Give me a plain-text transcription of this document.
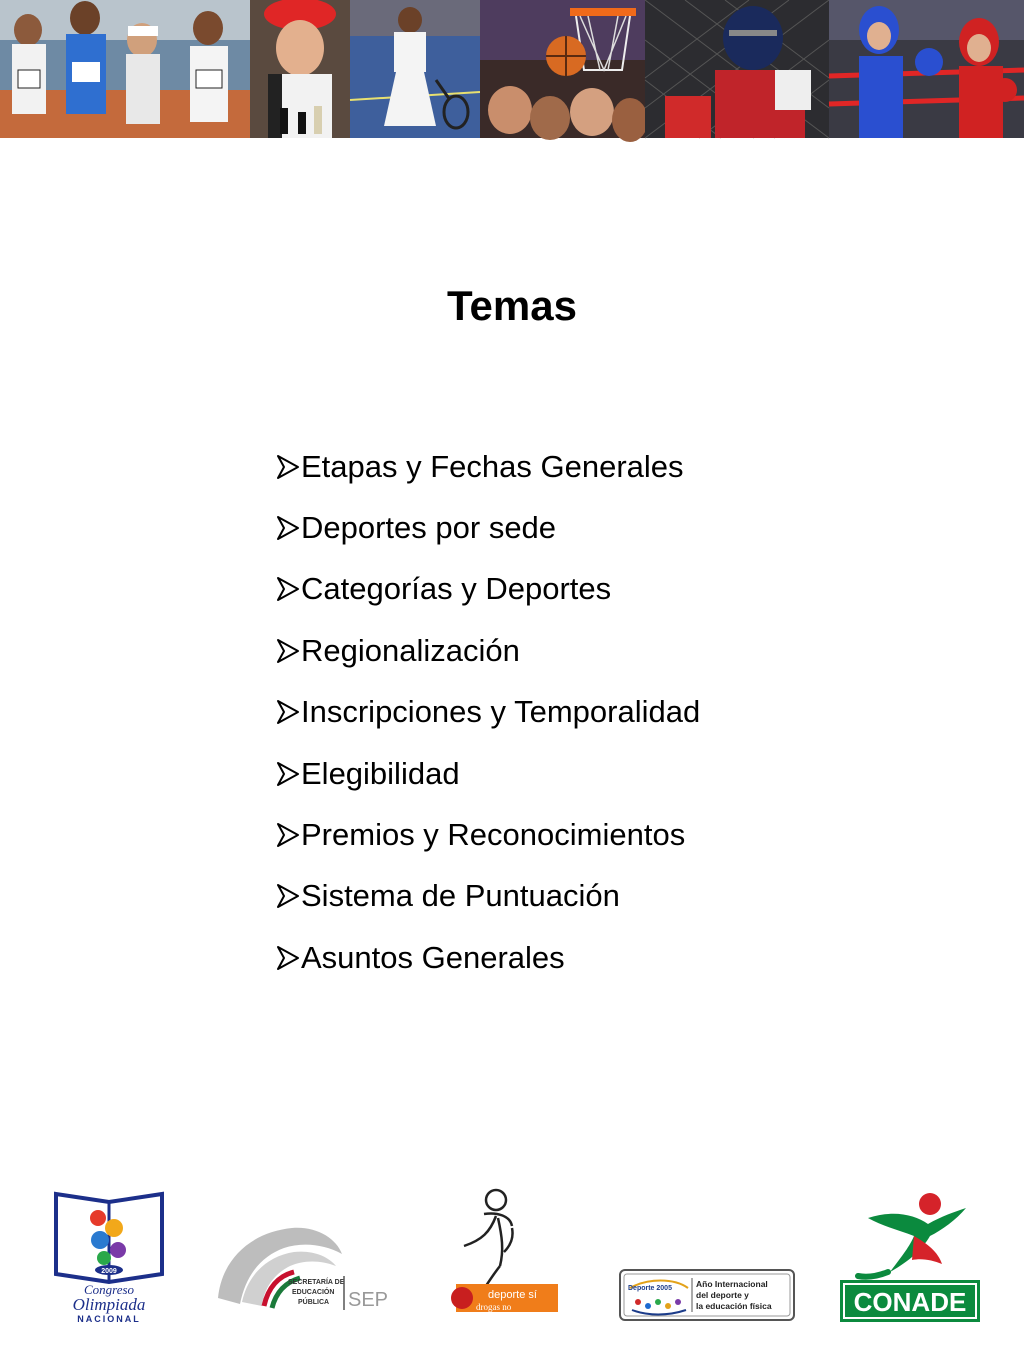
Temas
Etapas y Fechas Generales
Deportes por sede
Categorías y Deportes
Regionalización
Inscripciones y Temporalidad
Elegibilidad
Premios y Reconocimientos
Sistema de Puntuación
Asuntos Generales
2009
Congreso
Olimpiada
NACIONAL
SECRETARÍA DE
EDUCACIÓN
PÚBLICA SEP	deporte sí
drogas no
Deporte 2005	Año Internacional
del deporte y
la educación física	CONADE
